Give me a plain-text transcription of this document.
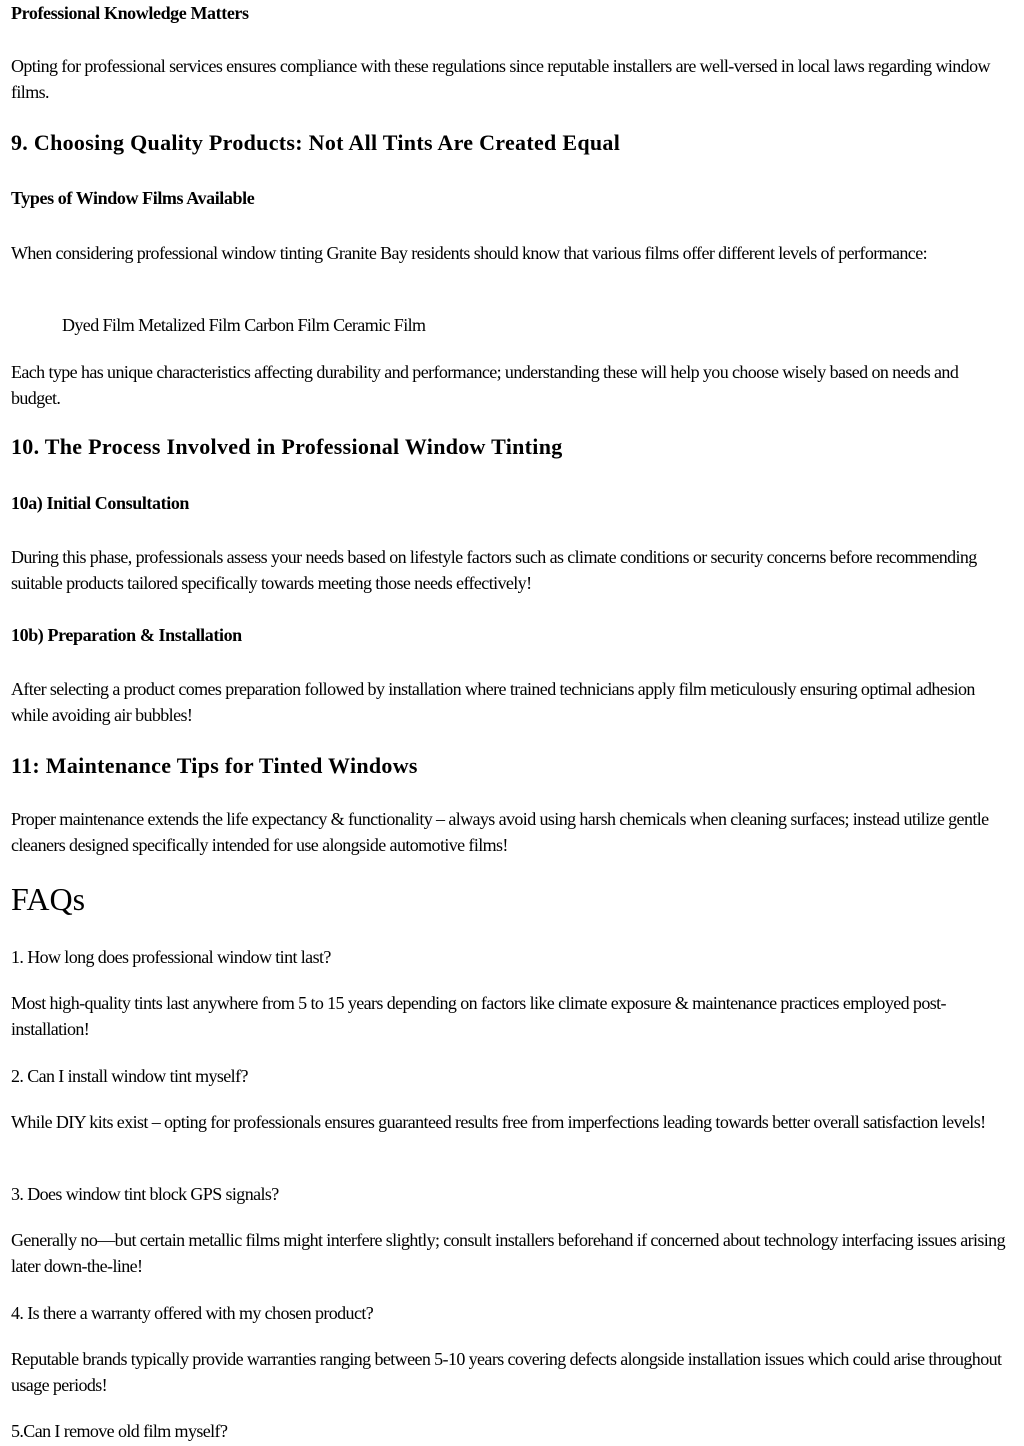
Professional Knowledge Matters
Opting for professional services ensures compliance with these regulations since reputable installers are well-versed in local laws regarding window films.
9. Choosing Quality Products: Not All Tints Are Created Equal
Types of Window Films Available
When considering professional window tinting Granite Bay residents should know that various films offer different levels of performance:
Dyed Film Metalized Film Carbon Film Ceramic Film
Each type has unique characteristics affecting durability and performance; understanding these will help you choose wisely based on needs and budget.
10. The Process Involved in Professional Window Tinting
10a) Initial Consultation
During this phase, professionals assess your needs based on lifestyle factors such as climate conditions or security concerns before recommending suitable products tailored specifically towards meeting those needs effectively!
10b) Preparation & Installation
After selecting a product comes preparation followed by installation where trained technicians apply film meticulously ensuring optimal adhesion while avoiding air bubbles!
11: Maintenance Tips for Tinted Windows
Proper maintenance extends the life expectancy & functionality – always avoid using harsh chemicals when cleaning surfaces; instead utilize gentle cleaners designed specifically intended for use alongside automotive films!
FAQs
1. How long does professional window tint last?
Most high-quality tints last anywhere from 5 to 15 years depending on factors like climate exposure & maintenance practices employed post-installation!
2. Can I install window tint myself?
While DIY kits exist – opting for professionals ensures guaranteed results free from imperfections leading towards better overall satisfaction levels!
3. Does window tint block GPS signals?
Generally no—but certain metallic films might interfere slightly; consult installers beforehand if concerned about technology interfacing issues arising later down-the-line!
4. Is there a warranty offered with my chosen product?
Reputable brands typically provide warranties ranging between 5-10 years covering defects alongside installation issues which could arise throughout usage periods!
5.Can I remove old film myself?
